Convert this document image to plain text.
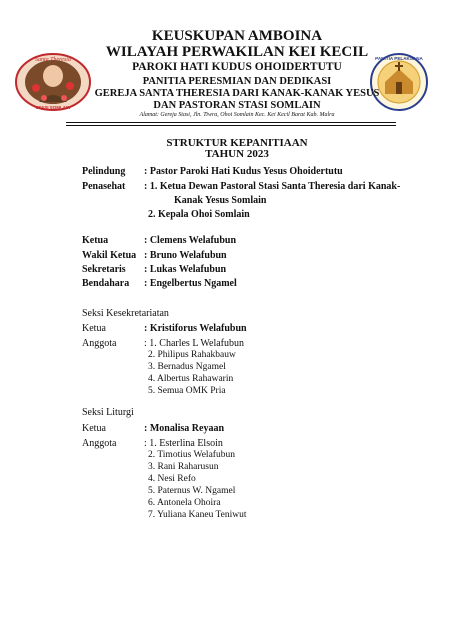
Santa Theresia
STASI SOMLAIN
PANITIA PELAKSANA
KEUSKUPAN AMBOINA
WILAYAH PERWAKILAN KEI KECIL
PAROKI HATI KUDUS OHOIDERTUTU
PANITIA PERESMIAN DAN DEDIKASI
GEREJA SANTA THERESIA DARI KANAK-KANAK YESUS
DAN PASTORAN STASI SOMLAIN
Alamat: Gereja Stasi, Jln. Tiwra, Ohoi Somlain Kec. Kei Kecil Barat Kab. Malra
STRUKTUR KEPANITIAAN
TAHUN 2023
Pelindung : Pastor Paroki Hati Kudus Yesus Ohoidertutu
Penasehat : 1. Ketua Dewan Pastoral Stasi Santa Theresia dari Kanak-
Kanak Yesus Somlain
2. Kepala Ohoi Somlain
Ketua	: Clemens Welafubun
Wakil Ketua : Bruno Welafubun
Sekretaris : Lukas Welafubun
Bendahara : Engelbertus Ngamel
Seksi Kesekretariatan
Ketua	: Kristiforus Welafubun
Anggota	: 1. Charles L Welafubun
2. Philipus Rahakbauw
3. Bernadus Ngamel
4. Albertus Rahawarin
5. Semua OMK Pria
Seksi Liturgi
Ketua	: Monalisa Reyaan
Anggota	: 1. Esterlina Elsoin
2. Timotius Welafubun
3. Rani Raharusun
4. Nesi Refo
5. Paternus W. Ngamel
6. Antonela Ohoira
7. Yuliana Kaneu Teniwut
